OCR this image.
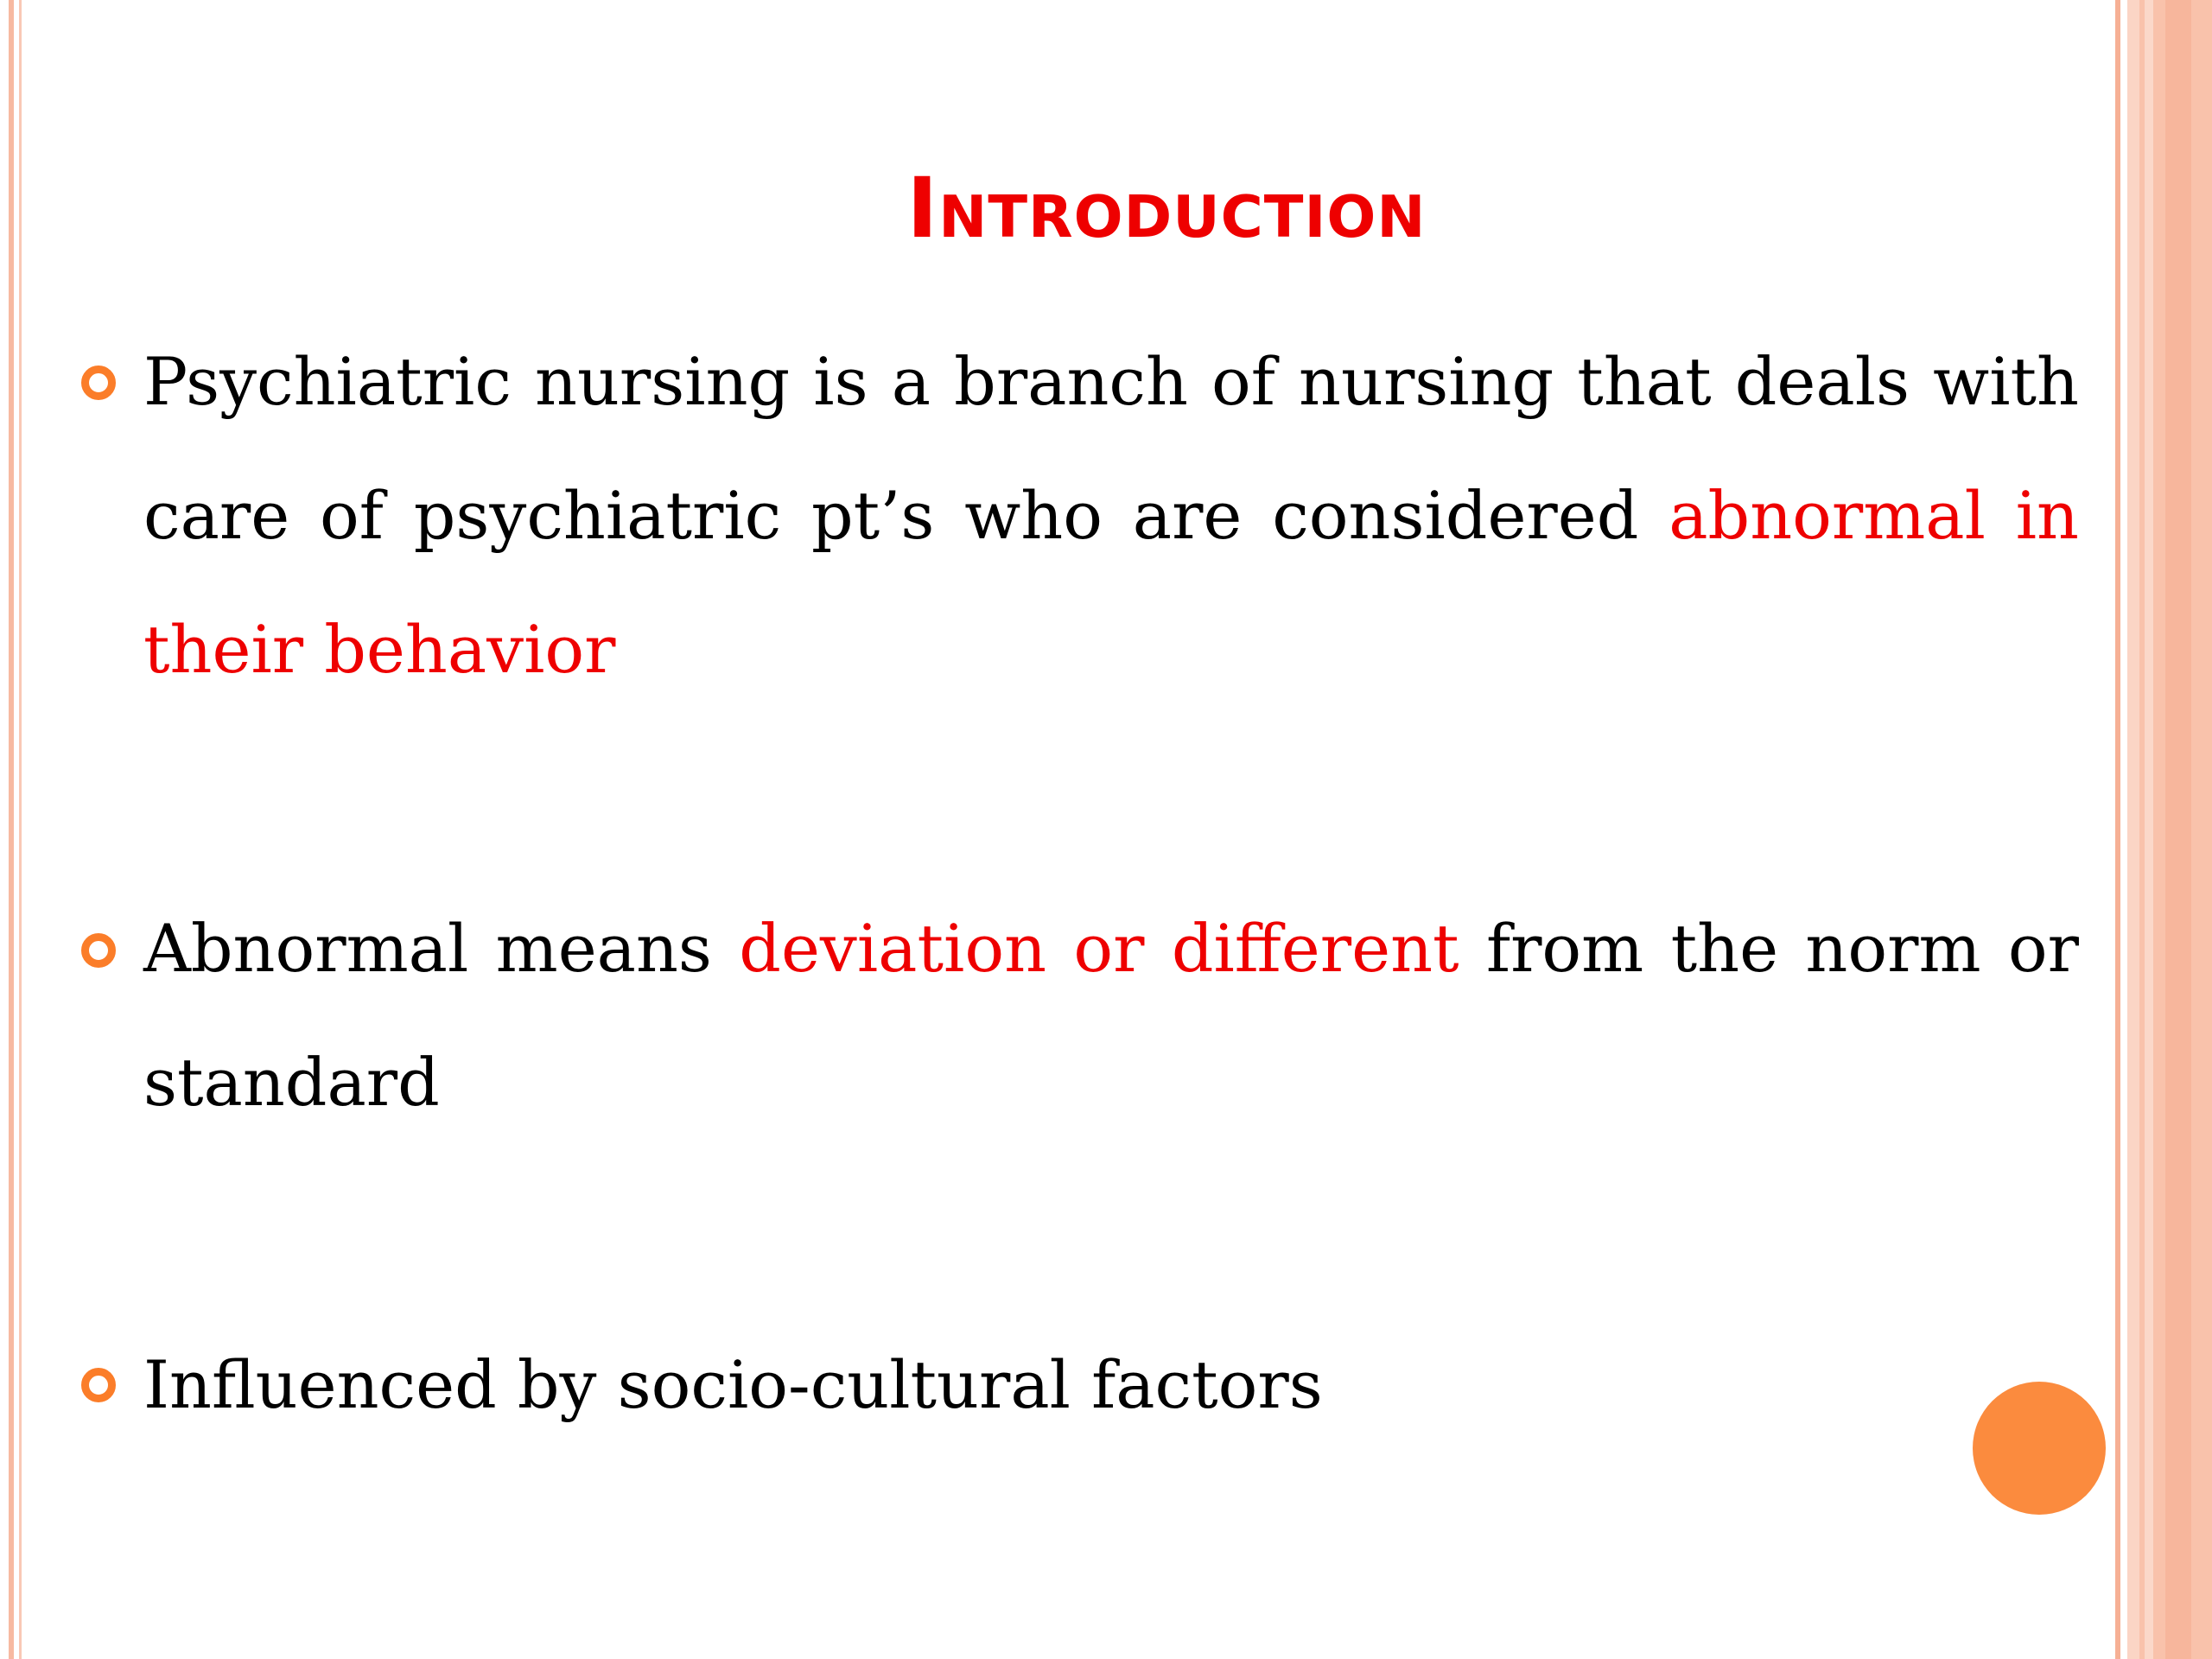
Introduction
Psychiatric nursing is a branch of nursing that deals with care of psychiatric pt’s who are considered abnormal in their behavior
Abnormal means deviation or different from the norm or standard
Influenced by socio-cultural factors
